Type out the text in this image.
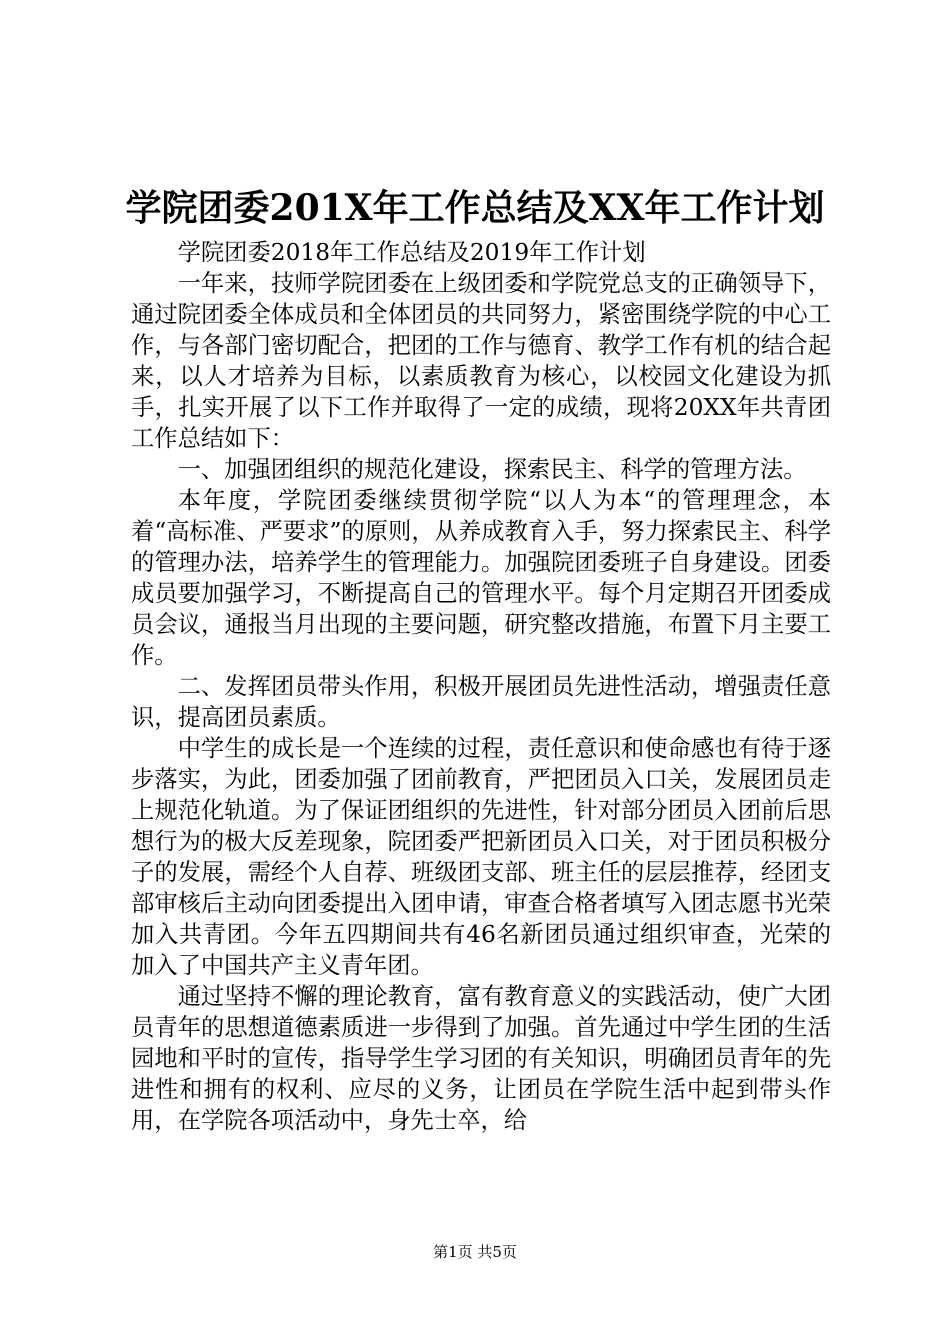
学院团委201X年工作总结及XX年工作计划

学院团委2018年工作总结及2019年工作计划

一年来，技师学院团委在上级团委和学院党总支的正确领导下，通过院团委全体成员和全体团员的共同努力，紧密围绕学院的中心工作，与各部门密切配合，把团的工作与德育、教学工作有机的结合起来，以人才培养为目标，以素质教育为核心，以校园文化建设为抓手，扎实开展了以下工作并取得了一定的成绩，现将20XX年共青团工作总结如下：

一、加强团组织的规范化建设，探索民主、科学的管理方法。

本年度，学院团委继续贯彻学院“以人为本“的管理理念，本着“高标准、严要求”的原则，从养成教育入手，努力探索民主、科学的管理办法，培养学生的管理能力。加强院团委班子自身建设。团委成员要加强学习，不断提高自己的管理水平。每个月定期召开团委成员会议，通报当月出现的主要问题，研究整改措施，布置下月主要工作。

二、发挥团员带头作用，积极开展团员先进性活动，增强责任意识，提高团员素质。

中学生的成长是一个连续的过程，责任意识和使命感也有待于逐步落实，为此，团委加强了团前教育，严把团员入口关，发展团员走上规范化轨道。为了保证团组织的先进性，针对部分团员入团前后思想行为的极大反差现象，院团委严把新团员入口关，对于团员积极分子的发展，需经个人自荐、班级团支部、班主任的层层推荐，经团支部审核后主动向团委提出入团申请，审查合格者填写入团志愿书光荣加入共青团。今年五四期间共有46名新团员通过组织审查，光荣的加入了中国共产主义青年团。

通过坚持不懈的理论教育，富有教育意义的实践活动，使广大团员青年的思想道德素质进一步得到了加强。首先通过中学生团的生活园地和平时的宣传，指导学生学习团的有关知识，明确团员青年的先进性和拥有的权利、应尽的义务，让团员在学院生活中起到带头作用，在学院各项活动中，身先士卒，给

第1页 共5页
